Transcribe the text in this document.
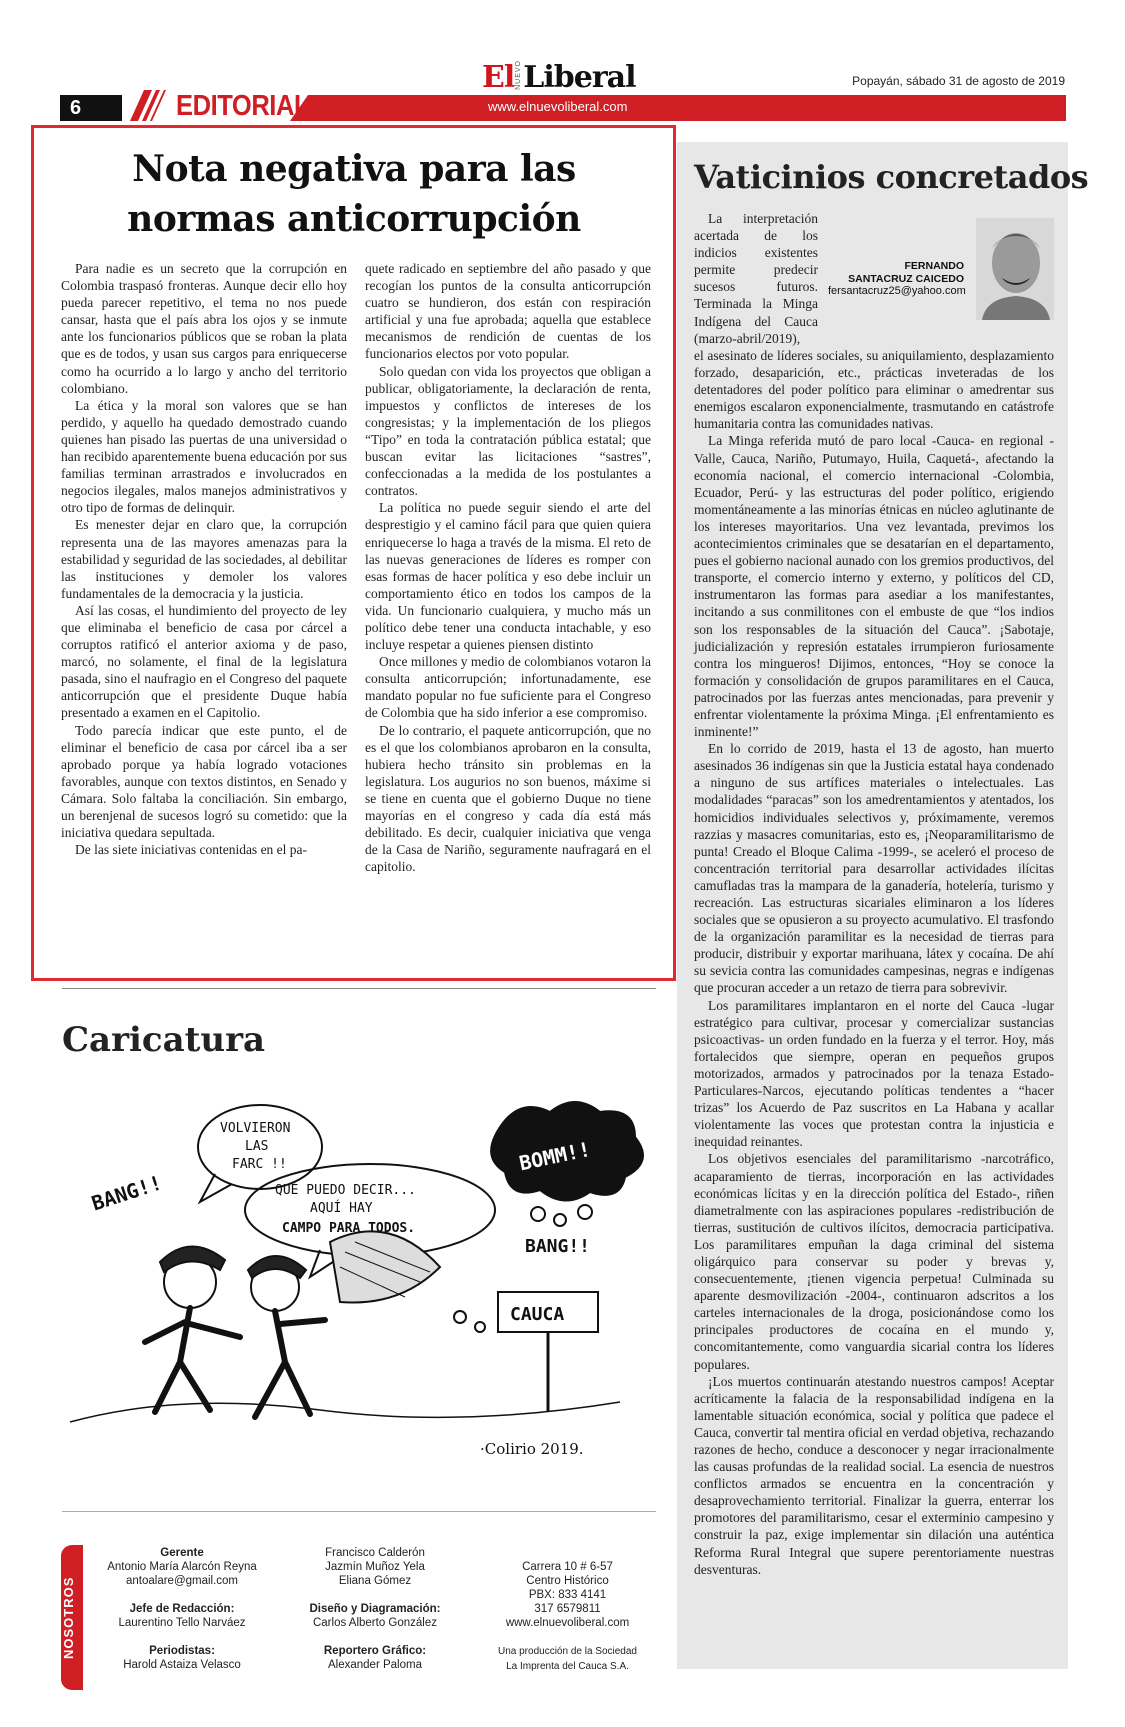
El NUEVO Liberal	Popayán, sábado 31 de agosto de 2019
6	EDITORIAL	www.elnuevoliberal.com
Nota negativa para las
normas anticorrupción

Para nadie es un secreto que la corrupción en Colombia traspasó fronteras. Aunque decir ello hoy pueda parecer repetitivo, el tema no nos puede cansar, hasta que el país abra los ojos y se inmute ante los funcionarios públicos que se roban la plata que es de todos, y usan sus cargos para enriquecerse como ha ocurrido a lo largo y ancho del territorio colombiano.

La ética y la moral son valores que se han perdido, y aquello ha quedado demostrado cuando quienes han pisado las puertas de una universidad o han recibido aparentemente buena educación por sus familias terminan arrastrados e involucrados en negocios ilegales, malos manejos administrativos y otro tipo de formas de delinquir.

Es menester dejar en claro que, la corrupción representa una de las mayores amenazas para la estabilidad y seguridad de las sociedades, al debilitar las instituciones y demoler los valores fundamentales de la democracia y la justicia.

Así las cosas, el hundimiento del proyecto de ley que eliminaba el beneficio de casa por cárcel a corruptos ratificó el anterior axioma y de paso, marcó, no solamente, el final de la legislatura pasada, sino el naufragio en el Congreso del paquete anticorrupción que el presidente Duque había presentado a examen en el Capitolio.

Todo parecía indicar que este punto, el de eliminar el beneficio de casa por cárcel iba a ser aprobado porque ya había logrado votaciones favorables, aunque con textos distintos, en Senado y Cámara. Solo faltaba la conciliación. Sin embargo, un berenjenal de sucesos logró su cometido: que la iniciativa quedara sepultada.

De las siete iniciativas contenidas en el pa-

quete radicado en septiembre del año pasado y que recogían los puntos de la consulta anticorrupción cuatro se hundieron, dos están con respiración artificial y una fue aprobada; aquella que establece mecanismos de rendición de cuentas de los funcionarios electos por voto popular.

Solo quedan con vida los proyectos que obligan a publicar, obligatoriamente, la declaración de renta, impuestos y conflictos de intereses de los congresistas; y la implementación de los pliegos “Tipo” en toda la contratación pública estatal; que buscan evitar las licitaciones “sastres”, confeccionadas a la medida de los postulantes a contratos.

La política no puede seguir siendo el arte del desprestigio y el camino fácil para que quien quiera enriquecerse lo haga a través de la misma. El reto de las nuevas generaciones de líderes es romper con esas formas de hacer política y eso debe incluir un comportamiento ético en todos los campos de la vida. Un funcionario cualquiera, y mucho más un político debe tener una conducta intachable, y eso incluye respetar a quienes piensen distinto

Once millones y medio de colombianos votaron la consulta anticorrupción; infortunadamente, ese mandato popular no fue suficiente para el Congreso de Colombia que ha sido inferior a ese compromiso.

De lo contrario, el paquete anticorrupción, que no es el que los colombianos aprobaron en la consulta, hubiera hecho tránsito sin problemas en la legislatura. Los augurios no son buenos, máxime si se tiene en cuenta que el gobierno Duque no tiene mayorías en el congreso y cada día está más debilitado. Es decir, cualquier iniciativa que venga de la Casa de Nariño, seguramente naufragará en el capitolio.

Caricatura
VOLVIERON
LAS
FARC !!
QUÉ PUEDO DECIR...
AQUÍ HAY
CAMPO PARA TODOS.
BOMM!!
BANG!!
BANG!!
CAUCA
·Colirio 2019.
NOSOTROS
Gerente
Antonio María Alarcón Reyna
antoalare@gmail.com

Jefe de Redacción:
Laurentino Tello Narváez

Periodistas:
Harold Astaiza Velasco
Francisco Calderón
Jazmín Muñoz Yela
Eliana Gómez

Diseño y Diagramación:
Carlos Alberto González

Reportero Gráfico:
Alexander Paloma
Carrera 10 # 6-57
Centro Histórico
PBX: 833 4141
317 6579811
www.elnuevoliberal.com

Una producción de la Sociedad
La Imprenta del Cauca S.A.
Vaticinios concretados

La interpretación acertada de los indicios existentes permite predecir sucesos futuros. Terminada la Minga Indígena del Cauca (marzo-abril/2019),

FERNANDO
SANTACRUZ CAICEDO
fersantacruz25@yahoo.com

el asesinato de líderes sociales, su aniquilamiento, desplazamiento forzado, desaparición, etc., prácticas inveteradas de los detentadores del poder político para eliminar o amedrentar sus enemigos escalaron exponencialmente, trasmutando en catástrofe humanitaria contra las comunidades nativas.

La Minga referida mutó de paro local -Cauca- en regional -Valle, Cauca, Nariño, Putumayo, Huila, Caquetá-, afectando la economía nacional, el comercio internacional -Colombia, Ecuador, Perú- y las estructuras del poder político, erigiendo momentáneamente a las minorías étnicas en núcleo aglutinante de los intereses mayoritarios. Una vez levantada, previmos los acontecimientos criminales que se desatarían en el departamento, pues el gobierno nacional aunado con los gremios productivos, del transporte, el comercio interno y externo, y políticos del CD, instrumentaron las formas para asediar a los manifestantes, incitando a sus conmilitones con el embuste de que “los indios son los responsables de la situación del Cauca”. ¡Sabotaje, judicialización y represión estatales irrumpieron furiosamente contra los mingueros! Dijimos, entonces, “Hoy se conoce la formación y consolidación de grupos paramilitares en el Cauca, patrocinados por las fuerzas antes mencionadas, para prevenir y enfrentar violentamente la próxima Minga. ¡El enfrentamiento es inminente!”

En lo corrido de 2019, hasta el 13 de agosto, han muerto asesinados 36 indígenas sin que la Justicia estatal haya condenado a ninguno de sus artífices materiales o intelectuales. Las modalidades “paracas” son los amedrentamientos y atentados, los homicidios individuales selectivos y, próximamente, veremos razzias y masacres comunitarias, esto es, ¡Neoparamilitarismo de punta! Creado el Bloque Calima -1999-, se aceleró el proceso de concentración territorial para desarrollar actividades ilícitas camufladas tras la mampara de la ganadería, hotelería, turismo y recreación. Las estructuras sicariales eliminaron a los líderes sociales que se opusieron a su proyecto acumulativo. El trasfondo de la organización paramilitar es la necesidad de tierras para producir, distribuir y exportar marihuana, látex y cocaína. De ahí su sevicia contra las comunidades campesinas, negras e indígenas que procuran acceder a un retazo de tierra para sobrevivir.

Los paramilitares implantaron en el norte del Cauca -lugar estratégico para cultivar, procesar y comercializar sustancias psicoactivas- un orden fundado en la fuerza y el terror. Hoy, más fortalecidos que siempre, operan en pequeños grupos motorizados, armados y patrocinados por la tenaza Estado-Particulares-Narcos, ejecutando políticas tendentes a “hacer trizas” los Acuerdo de Paz suscritos en La Habana y acallar violentamente las voces que protestan contra la injusticia e inequidad reinantes.

Los objetivos esenciales del paramilitarismo -narcotráfico, acaparamiento de tierras, incorporación en las actividades económicas lícitas y en la dirección política del Estado-, riñen diametralmente con las aspiraciones populares -redistribución de tierras, sustitución de cultivos ilícitos, democracia participativa. Los paramilitares empuñan la daga criminal del sistema oligárquico para conservar su poder y brevas y, consecuentemente, ¡tienen vigencia perpetua! Culminada su aparente desmovilización -2004-, continuaron adscritos a los carteles internacionales de la droga, posicionándose como los principales productores de cocaína en el mundo y, concomitantemente, como vanguardia sicarial contra los líderes populares.

¡Los muertos continuarán atestando nuestros campos! Aceptar acríticamente la falacia de la responsabilidad indígena en la lamentable situación económica, social y política que padece el Cauca, convertir tal mentira oficial en verdad objetiva, rechazando razones de hecho, conduce a desconocer y negar irracionalmente las causas profundas de la realidad social. La esencia de nuestros conflictos armados se encuentra en la concentración y desaprovechamiento territorial. Finalizar la guerra, enterrar los promotores del paramilitarismo, cesar el exterminio campesino y construir la paz, exige implementar sin dilación una auténtica Reforma Rural Integral que supere perentoriamente nuestras desventuras.
